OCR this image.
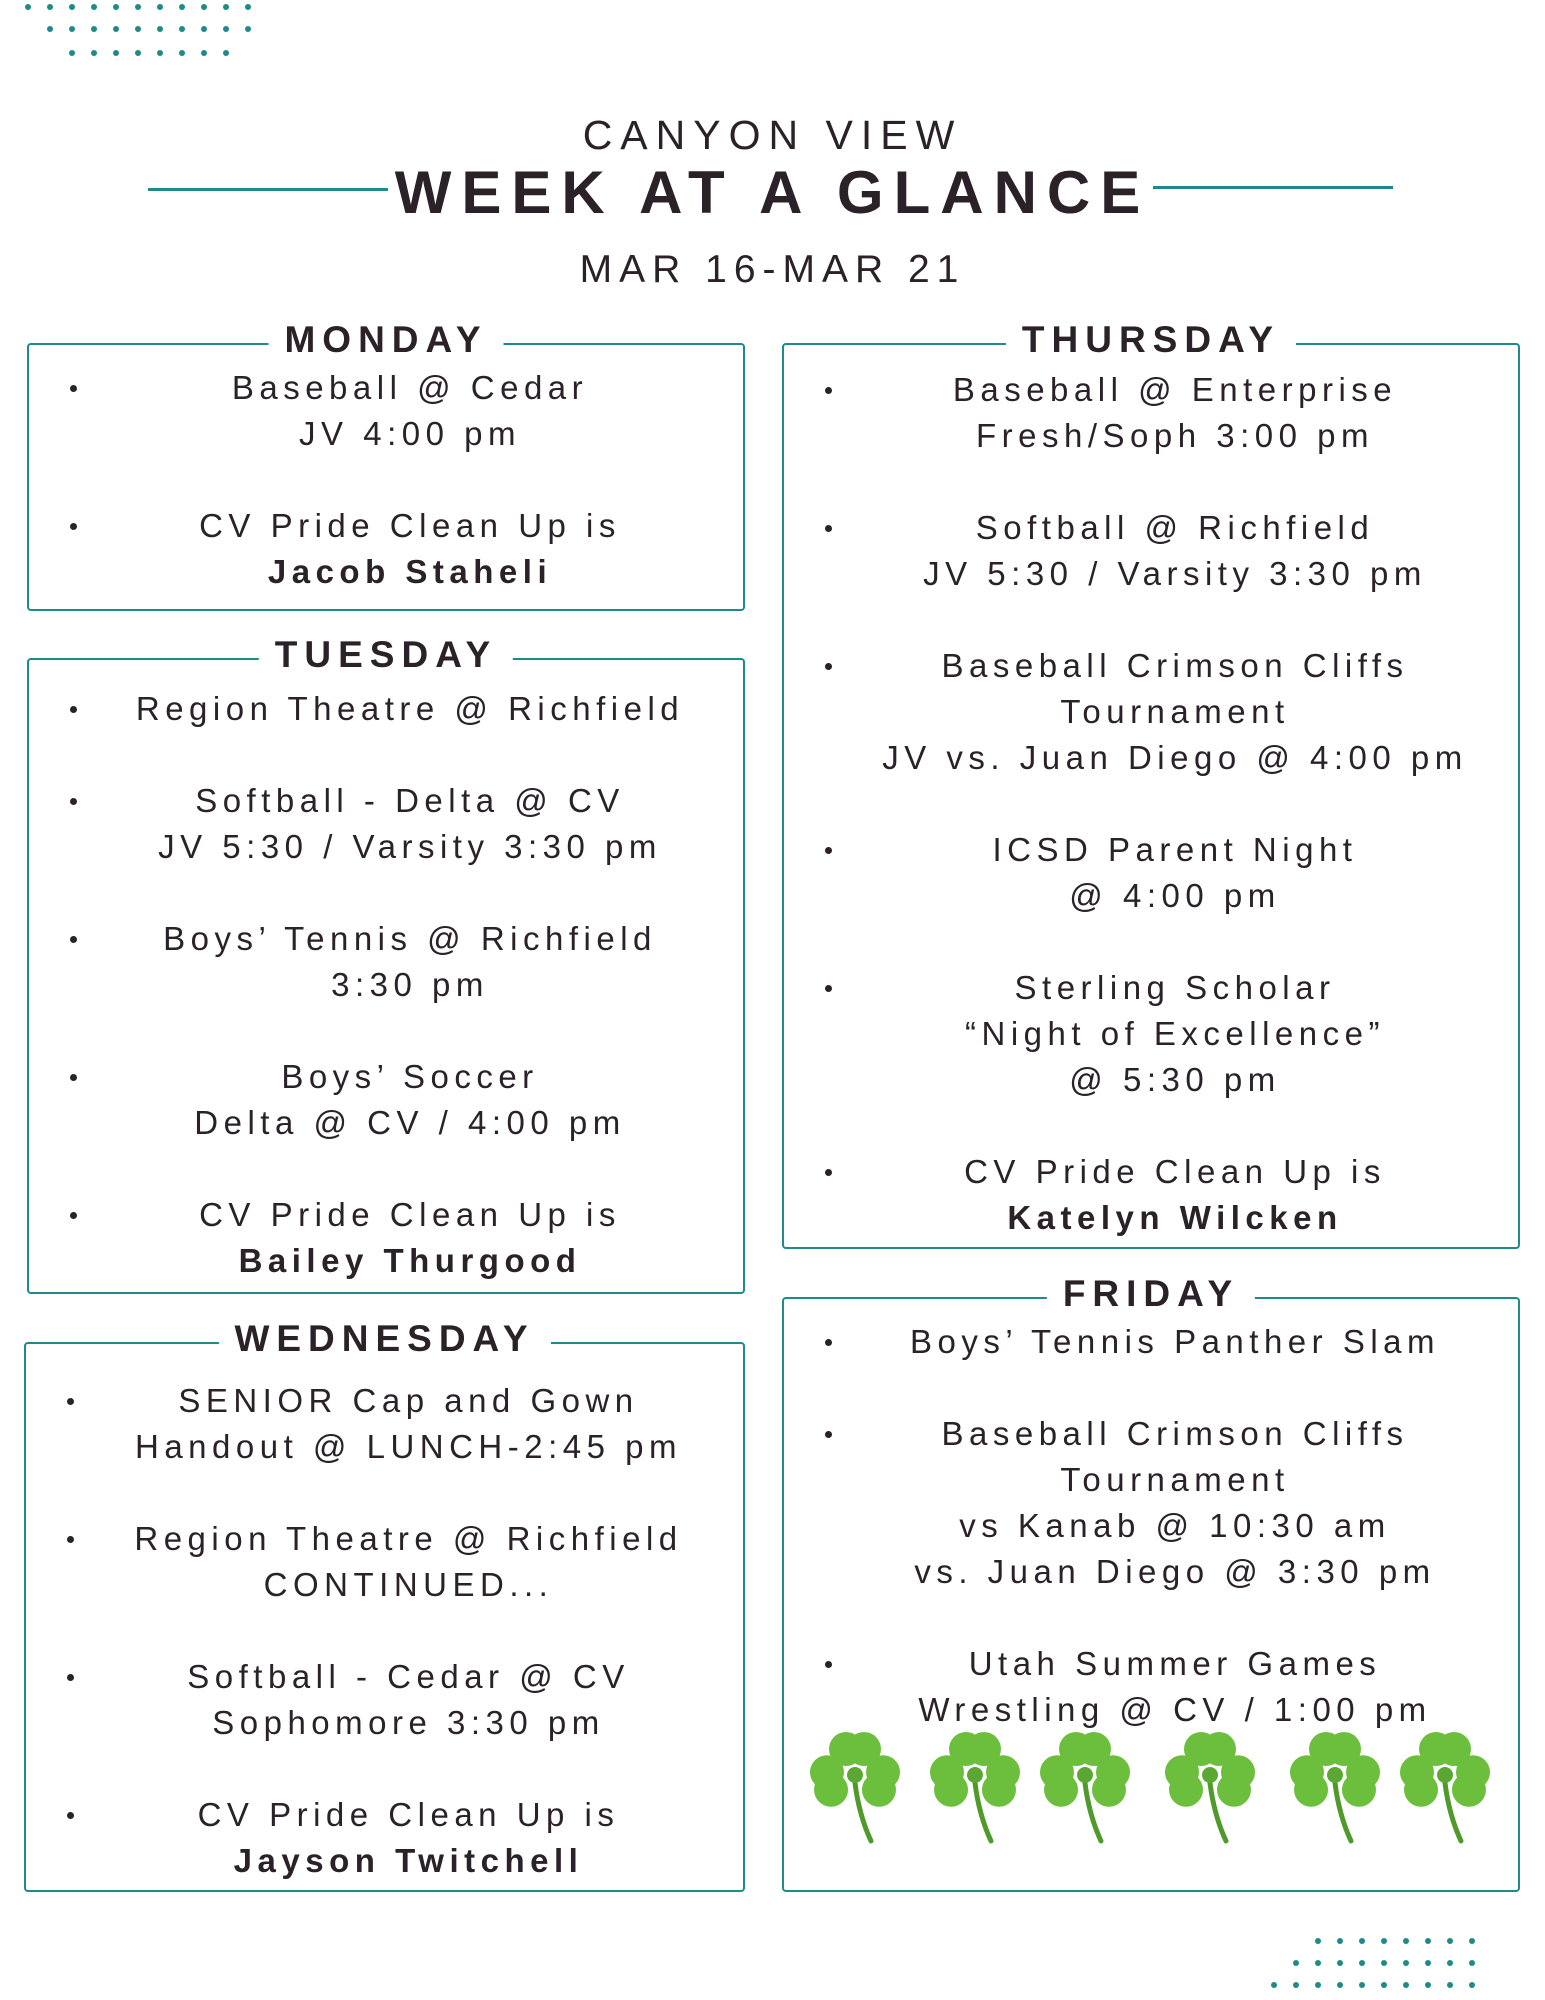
CANYON VIEW
WEEK AT A GLANCE
MAR 16-MAR 21
MONDAY
Baseball @ Cedar
JV 4:00 pm
CV Pride Clean Up is
Jacob Staheli
TUESDAY
Region Theatre @ Richfield
Softball - Delta @ CV
JV 5:30 / Varsity 3:30 pm
Boys’ Tennis @ Richfield
3:30 pm
Boys’ Soccer
Delta @ CV / 4:00 pm
CV Pride Clean Up is
Bailey Thurgood
WEDNESDAY
SENIOR Cap and Gown
Handout @ LUNCH-2:45 pm
Region Theatre @ Richfield
CONTINUED...
Softball - Cedar @ CV
Sophomore 3:30 pm
CV Pride Clean Up is
Jayson Twitchell
THURSDAY
Baseball @ Enterprise
Fresh/Soph 3:00 pm
Softball @ Richfield
JV 5:30 / Varsity 3:30 pm
Baseball Crimson Cliffs
Tournament
JV vs. Juan Diego @ 4:00 pm
ICSD Parent Night
@ 4:00 pm
Sterling Scholar
“Night of Excellence”
@ 5:30 pm
CV Pride Clean Up is
Katelyn Wilcken
FRIDAY
Boys’ Tennis Panther Slam
Baseball Crimson Cliffs
Tournament
vs Kanab @ 10:30 am
vs. Juan Diego @ 3:30 pm
Utah Summer Games
Wrestling @ CV / 1:00 pm
